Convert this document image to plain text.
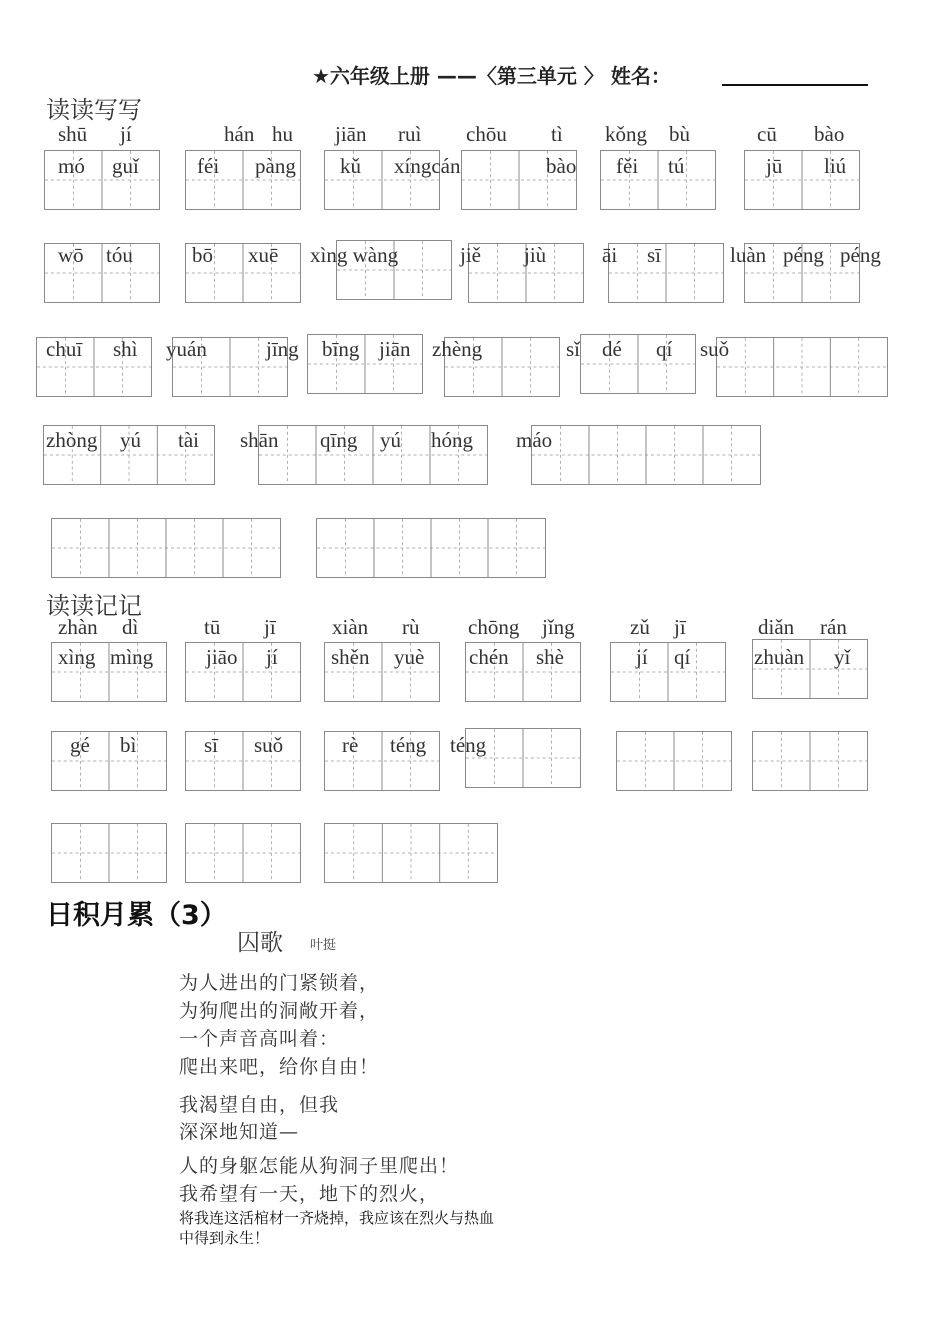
★六年级上册 ——〈第三单元 〉 姓名：
读读写写
shū jí	hán hu jiān ruì chōu tì kǒng bù	cū bào
mó guǐ	féi pàng kǔ xíngcán	bào fěi tú	jū liú
wō tóu	bō xuē xìng wàng	jiě jiù	āi sī	luàn péng péng
chuī shì yuán	jīng bīng jiān zhèng	sǐ dé qí suǒ
zhòng yú tài shān qīng yú hóng máo
读读记记
zhàn dì	tū jī	xiàn rù chōng jǐng	zǔ jī	diǎn rán
xìng mìng	jiāo jí	shěn yuè chén shè	jí qí	zhuàn yǐ
gé bì	sī suǒ	rè téng téng
日积月累（3）
囚歌 叶挺
为人进出的门紧锁着，
为狗爬出的洞敞开着，
一个声音高叫着：
爬出来吧，给你自由！
我渴望自由，但我
深深地知道—
人的身躯怎能从狗洞子里爬出！
我希望有一天，地下的烈火，
将我连这活棺材一齐烧掉，我应该在烈火与热血
中得到永生！
